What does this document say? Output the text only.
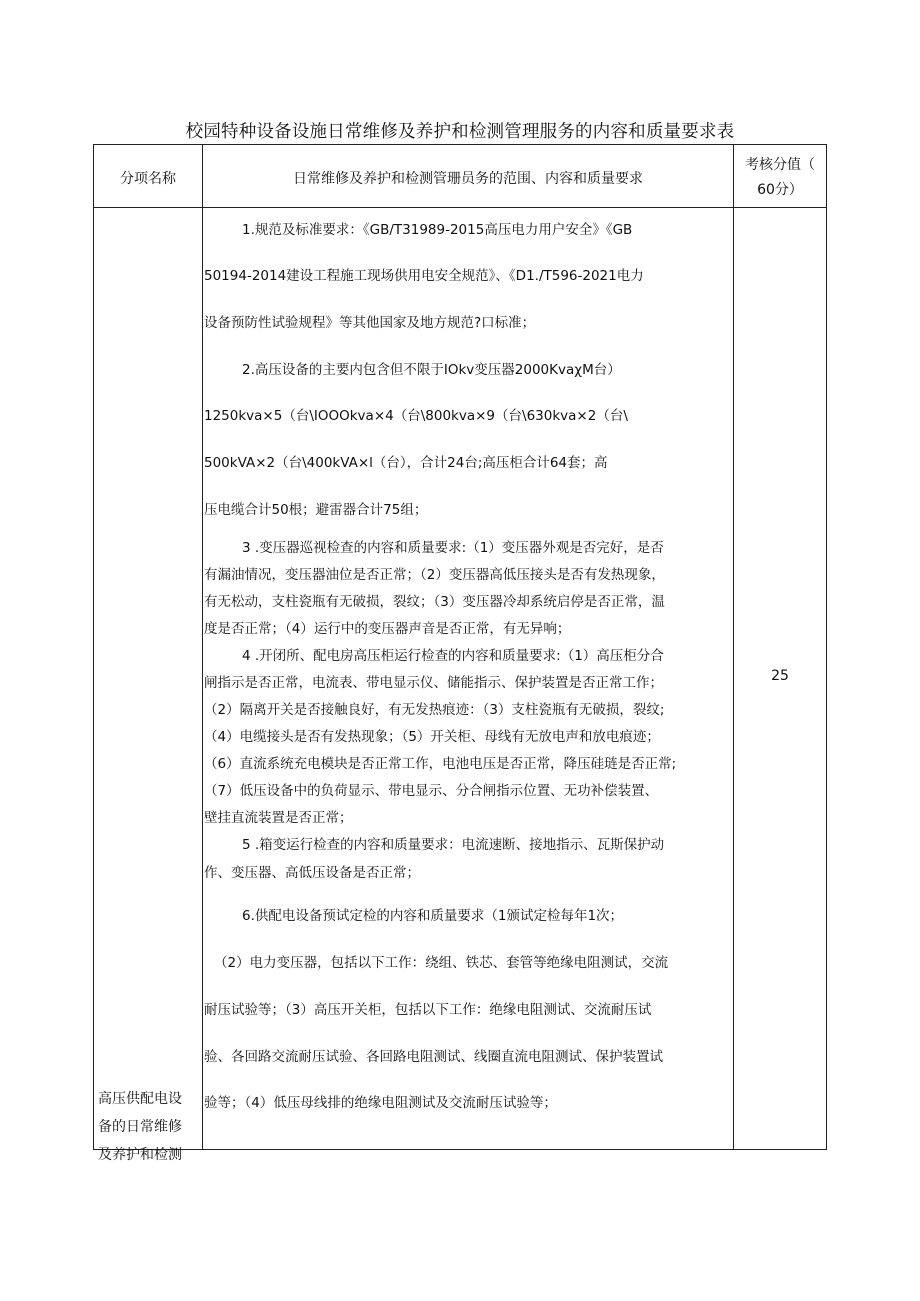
校园特种设备设施日常维修及养护和检测管理服务的内容和质量要求表
分项名称	日常维修及养护和检测管珊员务的范围、内容和质量要求
考核分值（
60分）
高压供配电设
备的日常维修
及养护和检测
25
1.规范及标准要求：《GB/T31989-2015高压电力用户安全》《GB
50194-2014建设工程施工现场供用电安全规范》、《D1./T596-2021电力
设备预防性试验规程》等其他国家及地方规范?口标准；
2.高压设备的主要内包含但不限于IOkv变压器2000KvaχM台）
1250kva×5（台\IOOOkva×4（台\800kva×9（台\630kva×2（台\
500kVA×2（台\400kVA×l（台），合计24台;高压柜合计64套；高
压电缆合计50根；避雷器合计75组；
3 .变压器巡视检查的内容和质量要求:（1）变压器外观是否完好，是否
有漏油情况，变压器油位是否正常；（2）变压器高低压接头是否有发热现象，
有无松动，支柱瓷瓶有无破损，裂纹；（3）变压器冷却系统启停是否正常，温
度是否正常；（4）运行中的变压器声音是否正常，有无异响；
4 .开闭所、配电房高压柜运行检查的内容和质量要求:（1）高压柜分合
闸指示是否正常，电流表、带电显示仪、储能指示、保护装置是否正常工作；
（2）隔离开关是否接触良好，有无发热痕迹：（3）支柱瓷瓶有无破损，裂纹;
（4）电缆接头是否有发热现象；（5）开关柜、母线有无放电声和放电痕迹；
（6）直流系统充电模块是否正常工作，电池电压是否正常，降压硅琏是否正常;
（7）低压设备中的负荷显示、带电显示、分合闸指示位置、无功补偿装置、
壁挂直流装置是否正常；
5 .箱变运行检查的内容和质量要求：电流速断、接地指示、瓦斯保护动
作、变压器、高低压设备是否正常；
6.供配电设备预试定检的内容和质量要求（1颁试定检每年1次；
（2）电力变压器，包括以下工作：绕组、铁芯、套管等绝缘电阻测试，交流
耐压试验等；（3）高压开关柜，包括以下工作：绝缘电阻测试、交流耐压试
验、各回路交流耐压试验、各回路电阻测试、线圈直流电阻测试、保护装置试
验等；（4）低压母线排的绝缘电阻测试及交流耐压试验等；
